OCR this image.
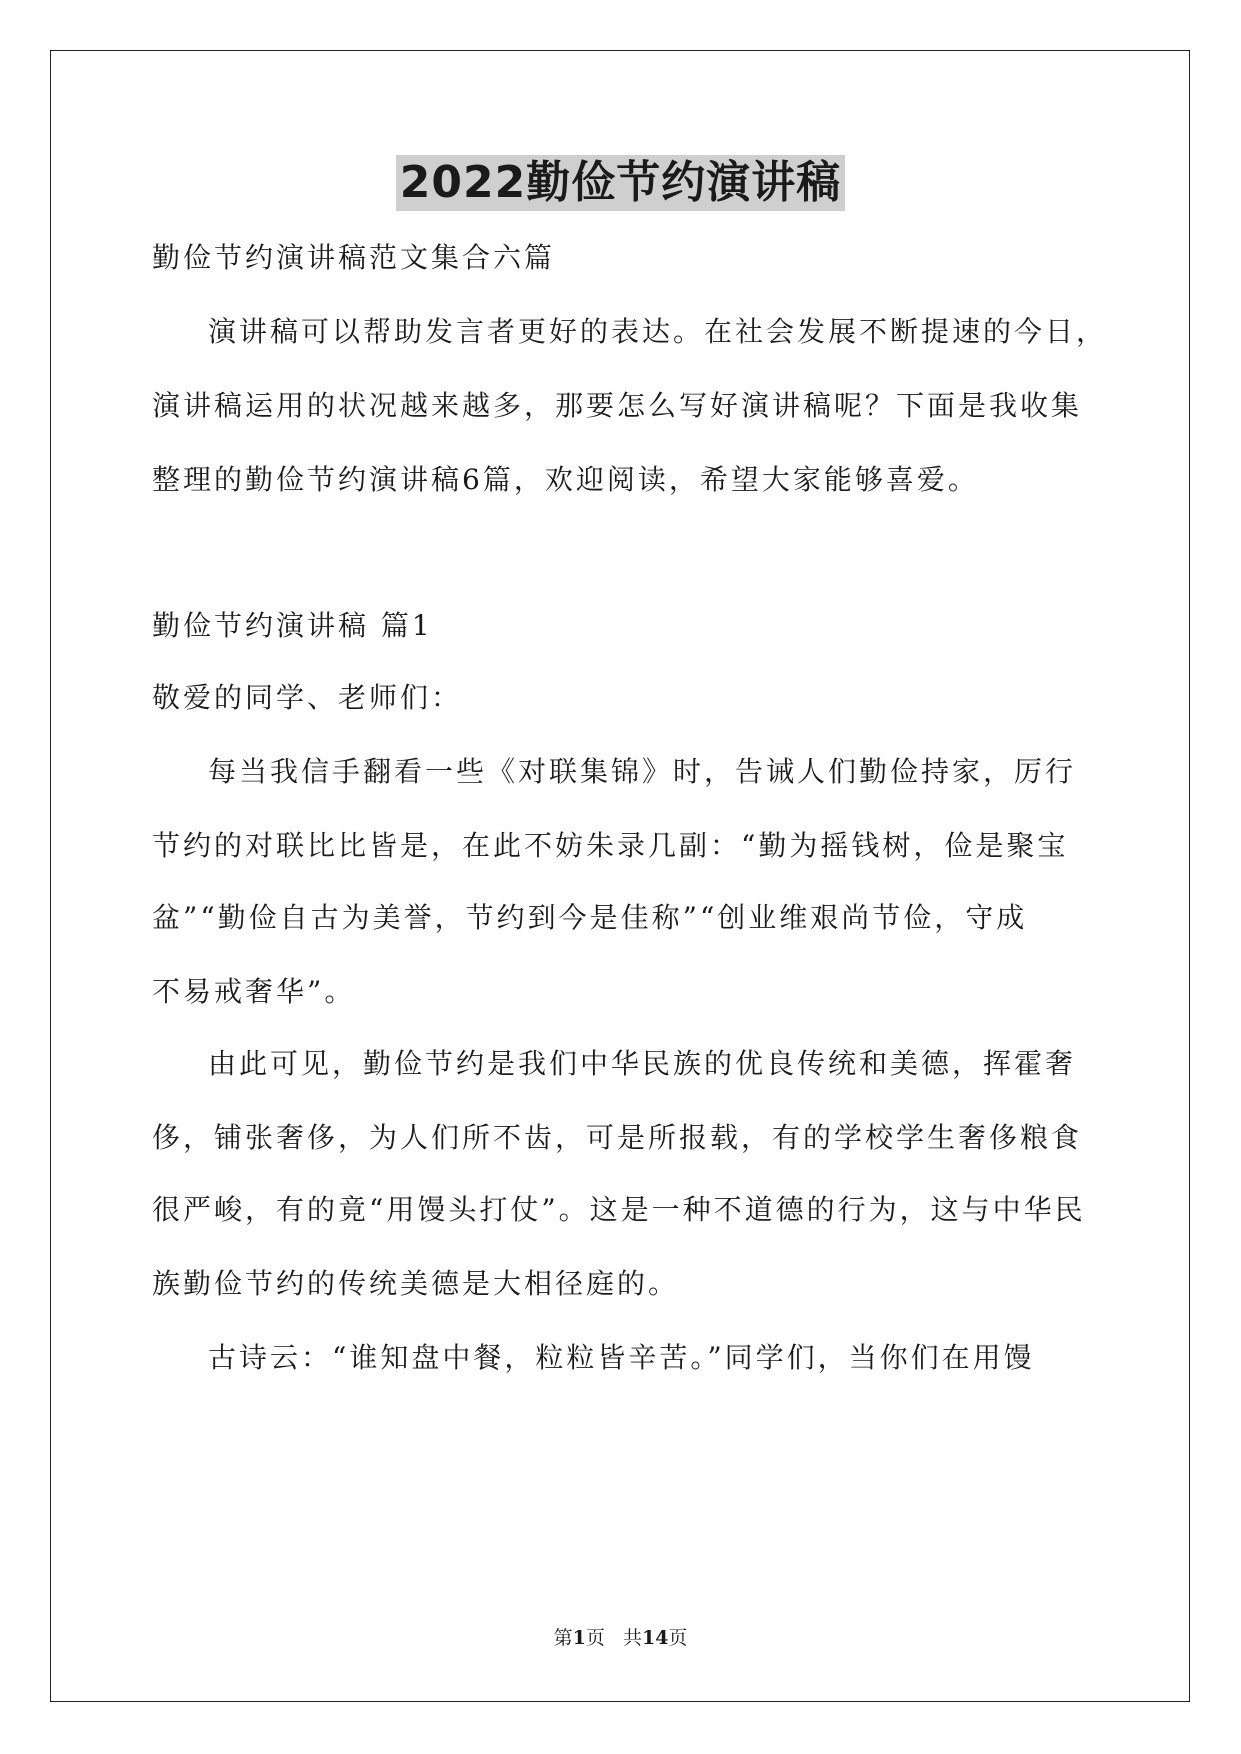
2022勤俭节约演讲稿
勤俭节约演讲稿范文集合六篇
演讲稿可以帮助发言者更好的表达。在社会发展不断提速的今日，
演讲稿运用的状况越来越多，那要怎么写好演讲稿呢？下面是我收集
整理的勤俭节约演讲稿6篇，欢迎阅读，希望大家能够喜爱。
勤俭节约演讲稿 篇1
敬爱的同学、老师们：
每当我信手翻看一些《对联集锦》时，告诫人们勤俭持家，厉行
节约的对联比比皆是，在此不妨朱录几副：“勤为摇钱树，俭是聚宝
盆”“勤俭自古为美誉，节约到今是佳称”“创业维艰尚节俭，守成
不易戒奢华”。
由此可见，勤俭节约是我们中华民族的优良传统和美德，挥霍奢
侈，铺张奢侈，为人们所不齿，可是所报载，有的学校学生奢侈粮食
很严峻，有的竟“用馒头打仗”。这是一种不道德的行为，这与中华民
族勤俭节约的传统美德是大相径庭的。
古诗云：“谁知盘中餐，粒粒皆辛苦。”同学们，当你们在用馒
第1页 共14页
